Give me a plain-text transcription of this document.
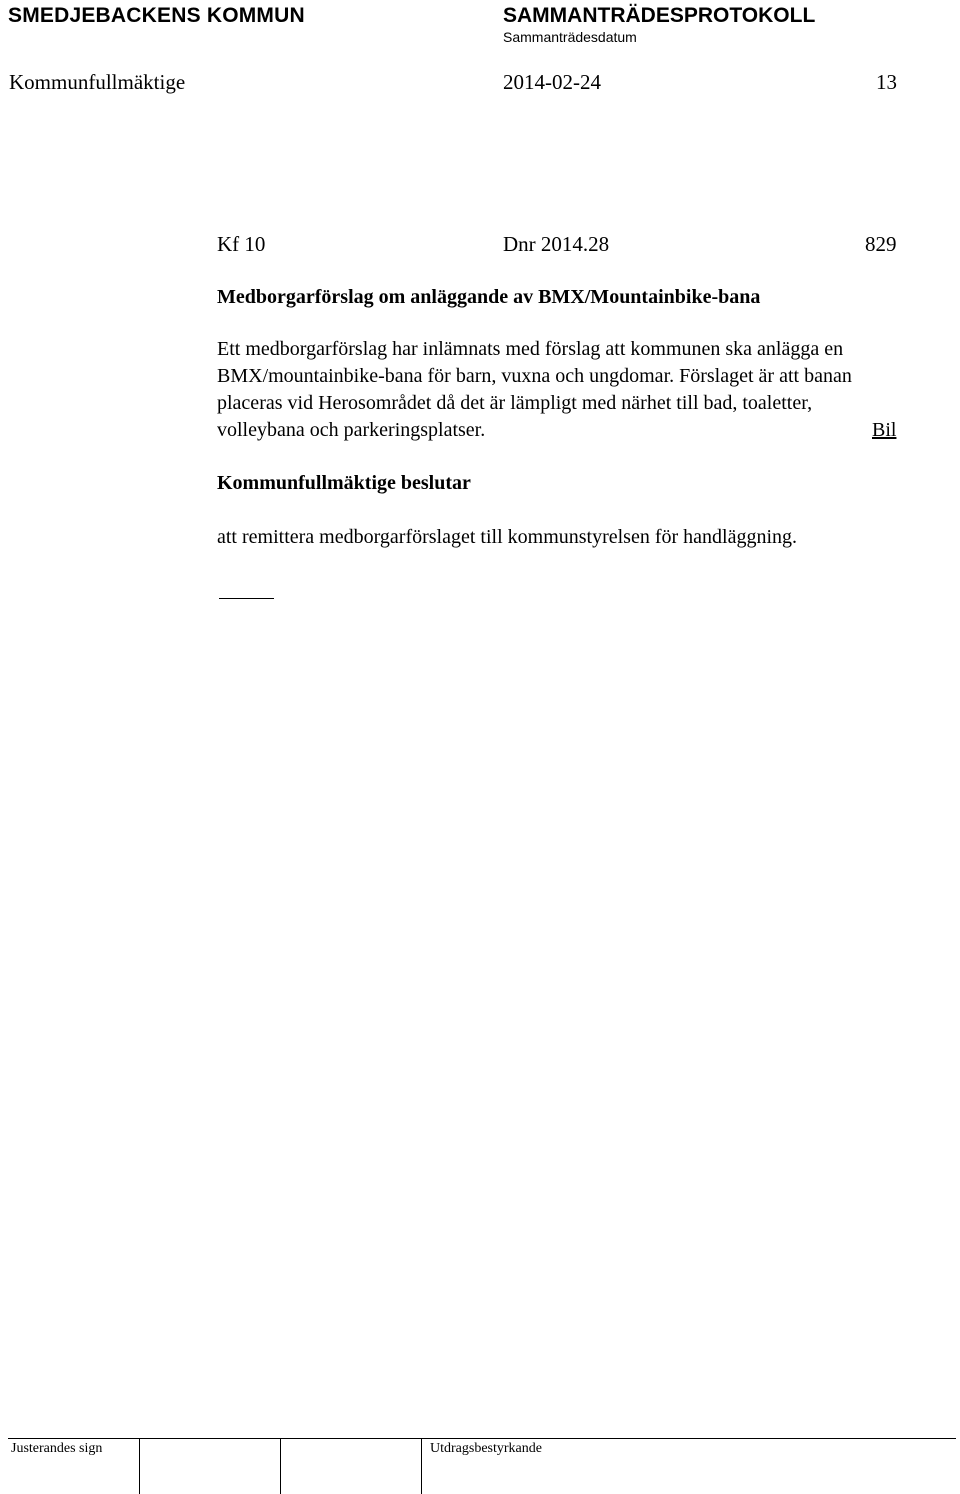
SMEDJEBACKENS KOMMUN	SAMMANTRÄDESPROTOKOLL
Sammanträdesdatum
Kommunfullmäktige	2014-02-24	13
Kf 10	Dnr 2014.28	829
Medborgarförslag om anläggande av BMX/Mountainbike-bana
Ett medborgarförslag har inlämnats med förslag att kommunen ska anlägga en
BMX/mountainbike-bana för barn, vuxna och ungdomar. Förslaget är att banan
placeras vid Herosområdet då det är lämpligt med närhet till bad, toaletter,
volleybana och parkeringsplatser.	Bil
Kommunfullmäktige beslutar
att remittera medborgarförslaget till kommunstyrelsen för handläggning.
Justerandes sign	Utdragsbestyrkande
